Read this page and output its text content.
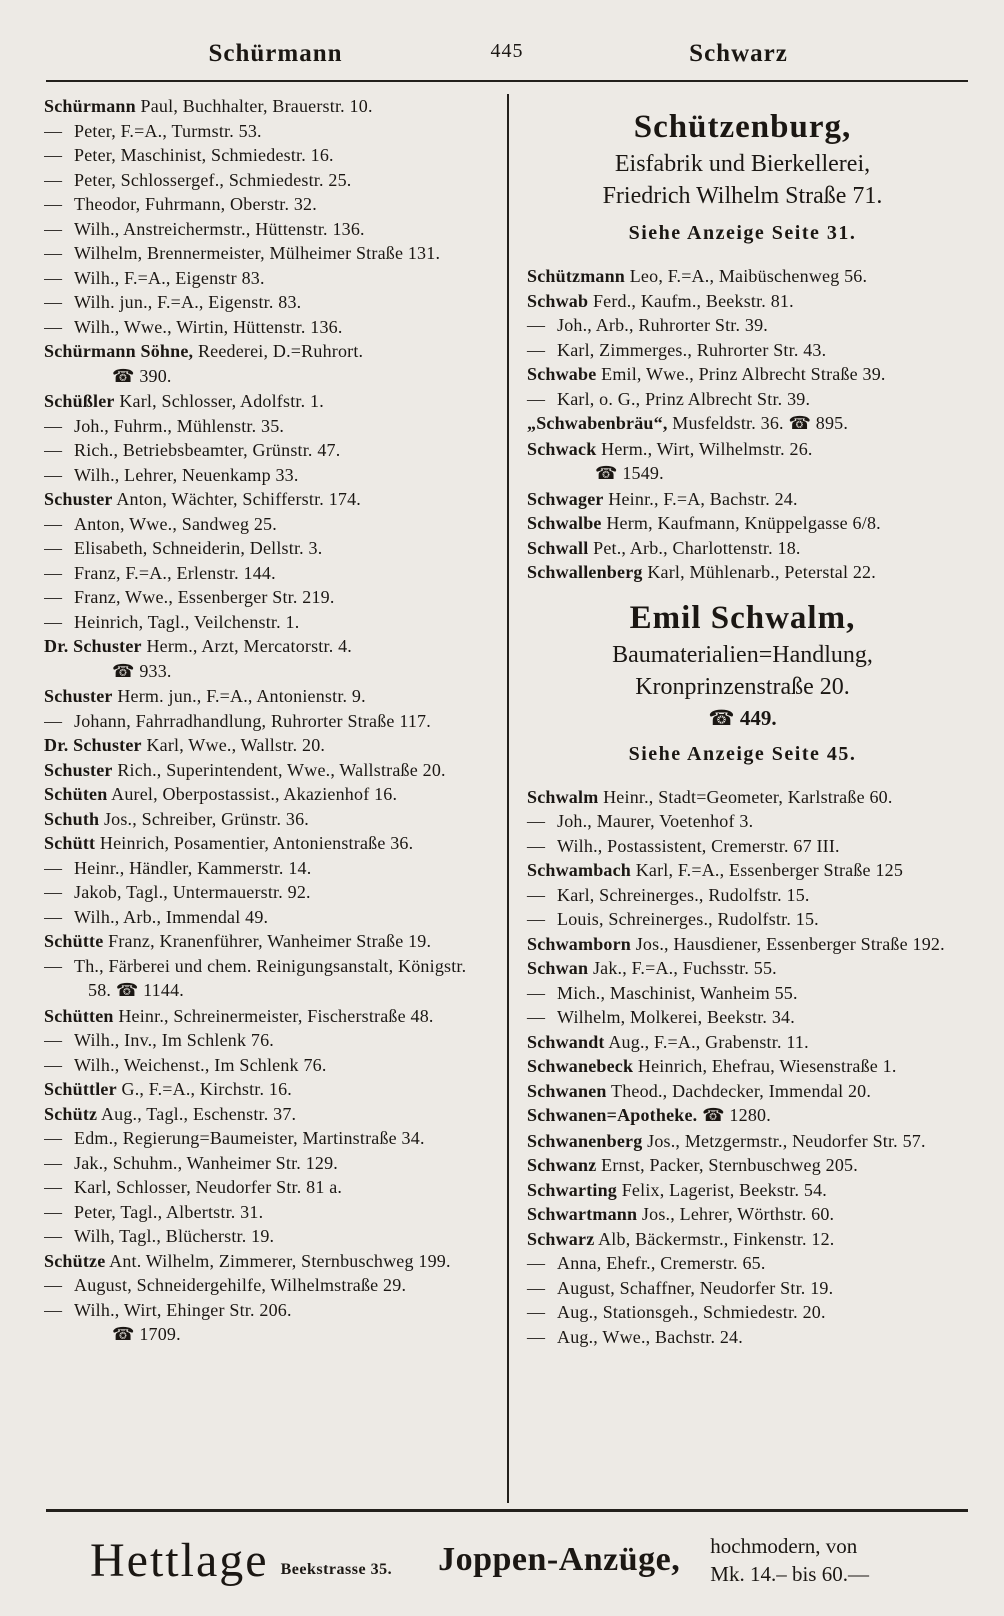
Schürmann	445	Schwarz

Schürmann Paul, Buchhalter, Brauerstr. 10.

— Peter, F.=A., Turmstr. 53.

— Peter, Maschinist, Schmiedestr. 16.

— Peter, Schlossergef., Schmiedestr. 25.

— Theodor, Fuhrmann, Oberstr. 32.

— Wilh., Anstreichermstr., Hüttenstr. 136.

— Wilhelm, Brennermeister, Mülheimer Straße 131.

— Wilh., F.=A., Eigenstr 83.

— Wilh. jun., F.=A., Eigenstr. 83.

— Wilh., Wwe., Wirtin, Hüttenstr. 136.

Schürmann Söhne, Reederei, D.=Ruhrort.
☎ 390.

Schüßler Karl, Schlosser, Adolfstr. 1.

— Joh., Fuhrm., Mühlenstr. 35.

— Rich., Betriebsbeamter, Grünstr. 47.

— Wilh., Lehrer, Neuenkamp 33.

Schuster Anton, Wächter, Schifferstr. 174.

— Anton, Wwe., Sandweg 25.

— Elisabeth, Schneiderin, Dellstr. 3.

— Franz, F.=A., Erlenstr. 144.

— Franz, Wwe., Essenberger Str. 219.

— Heinrich, Tagl., Veilchenstr. 1.

Dr. Schuster Herm., Arzt, Mercatorstr. 4.
☎ 933.

Schuster Herm. jun., F.=A., Antonienstr. 9.

— Johann, Fahrradhandlung, Ruhrorter Straße 117.

Dr. Schuster Karl, Wwe., Wallstr. 20.

Schuster Rich., Superintendent, Wwe., Wallstraße 20.

Schüten Aurel, Oberpostassist., Akazienhof 16.

Schuth Jos., Schreiber, Grünstr. 36.

Schütt Heinrich, Posamentier, Antonienstraße 36.

— Heinr., Händler, Kammerstr. 14.

— Jakob, Tagl., Untermauerstr. 92.

— Wilh., Arb., Immendal 49.

Schütte Franz, Kranenführer, Wanheimer Straße 19.

— Th., Färberei und chem. Reinigungsanstalt, Königstr. 58. ☎ 1144.

Schütten Heinr., Schreinermeister, Fischerstraße 48.

— Wilh., Inv., Im Schlenk 76.

— Wilh., Weichenst., Im Schlenk 76.

Schüttler G., F.=A., Kirchstr. 16.

Schütz Aug., Tagl., Eschenstr. 37.

— Edm., Regierung=Baumeister, Martinstraße 34.

— Jak., Schuhm., Wanheimer Str. 129.

— Karl, Schlosser, Neudorfer Str. 81 a.

— Peter, Tagl., Albertstr. 31.

— Wilh, Tagl., Blücherstr. 19.

Schütze Ant. Wilhelm, Zimmerer, Sternbuschweg 199.

— August, Schneidergehilfe, Wilhelmstraße 29.

— Wilh., Wirt, Ehinger Str. 206.
☎ 1709.

Schützenburg,

Eisfabrik und Bierkellerei,

Friedrich Wilhelm Straße 71.

Siehe Anzeige Seite 31.

Schützmann Leo, F.=A., Maibüschenweg 56.

Schwab Ferd., Kaufm., Beekstr. 81.

— Joh., Arb., Ruhrorter Str. 39.

— Karl, Zimmerges., Ruhrorter Str. 43.

Schwabe Emil, Wwe., Prinz Albrecht Straße 39.

— Karl, o. G., Prinz Albrecht Str. 39.

„Schwabenbräu“, Musfeldstr. 36. ☎ 895.

Schwack Herm., Wirt, Wilhelmstr. 26.
☎ 1549.

Schwager Heinr., F.=A, Bachstr. 24.

Schwalbe Herm, Kaufmann, Knüppelgasse 6/8.

Schwall Pet., Arb., Charlottenstr. 18.

Schwallenberg Karl, Mühlenarb., Peterstal 22.

Emil Schwalm,

Baumaterialien=Handlung,

Kronprinzenstraße 20.

☎ 449.

Siehe Anzeige Seite 45.

Schwalm Heinr., Stadt=Geometer, Karlstraße 60.

— Joh., Maurer, Voetenhof 3.

— Wilh., Postassistent, Cremerstr. 67 III.

Schwambach Karl, F.=A., Essenberger Straße 125

— Karl, Schreinerges., Rudolfstr. 15.

— Louis, Schreinerges., Rudolfstr. 15.

Schwamborn Jos., Hausdiener, Essenberger Straße 192.

Schwan Jak., F.=A., Fuchsstr. 55.

— Mich., Maschinist, Wanheim 55.

— Wilhelm, Molkerei, Beekstr. 34.

Schwandt Aug., F.=A., Grabenstr. 11.

Schwanebeck Heinrich, Ehefrau, Wiesenstraße 1.

Schwanen Theod., Dachdecker, Immendal 20.

Schwanen=Apotheke. ☎ 1280.

Schwanenberg Jos., Metzgermstr., Neudorfer Str. 57.

Schwanz Ernst, Packer, Sternbuschweg 205.

Schwarting Felix, Lagerist, Beekstr. 54.

Schwartmann Jos., Lehrer, Wörthstr. 60.

Schwarz Alb, Bäckermstr., Finkenstr. 12.

— Anna, Ehefr., Cremerstr. 65.

— August, Schaffner, Neudorfer Str. 19.

— Aug., Stationsgeh., Schmiedestr. 20.

— Aug., Wwe., Bachstr. 24.

Hettlage Beekstrasse 35. Joppen-Anzüge, hochmodern, von
Mk. 14.– bis 60.—
